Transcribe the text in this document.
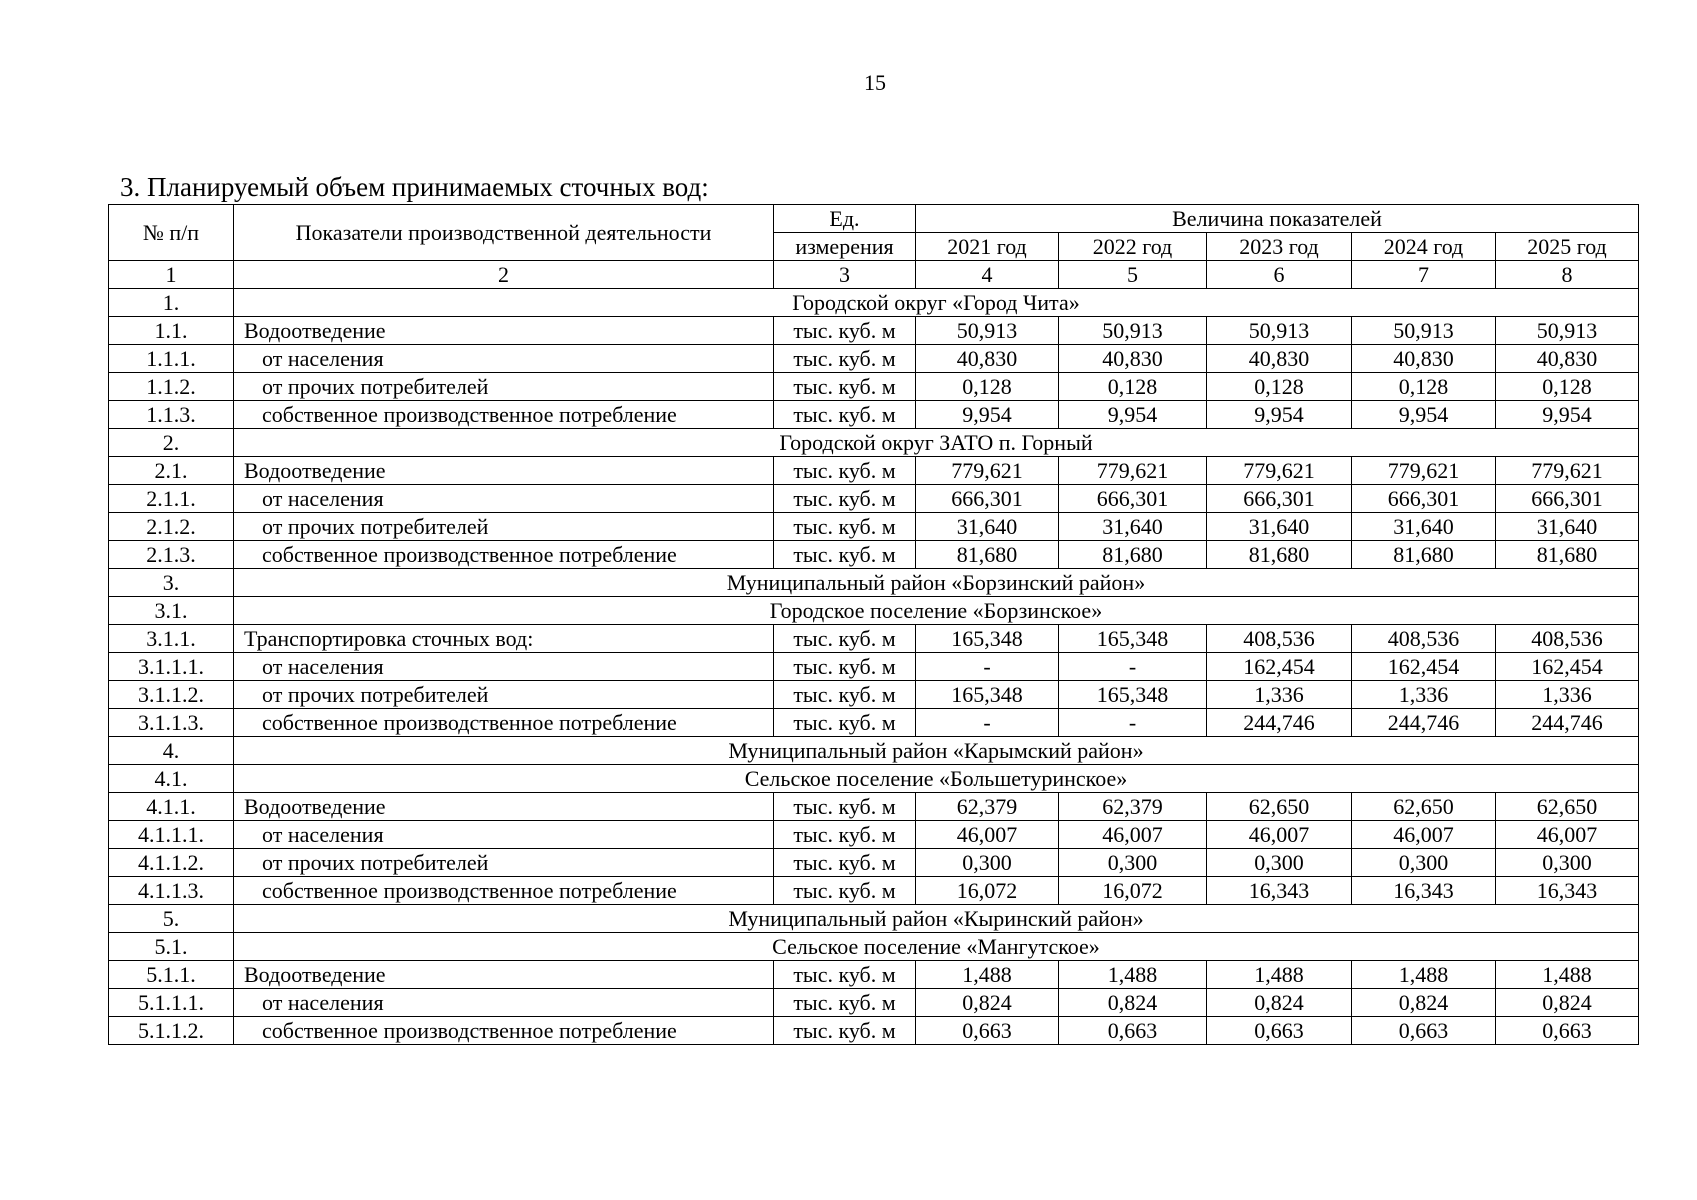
15
3. Планируемый объем принимаемых сточных вод:
№ п/п	Показатели производственной деятельности	Ед.	Величина показателей				
		измерения	2021 год	2022 год	2023 год	2024 год	2025 год
1	2	3	4	5	6	7	8
1.	Городской округ «Город Чита»						
1.1.	Водоотведение	тыс. куб. м	50,913	50,913	50,913	50,913	50,913
1.1.1.	от населения	тыс. куб. м	40,830	40,830	40,830	40,830	40,830
1.1.2.	от прочих потребителей	тыс. куб. м	0,128	0,128	0,128	0,128	0,128
1.1.3.	собственное производственное потребление	тыс. куб. м	9,954	9,954	9,954	9,954	9,954
2.	Городской округ ЗАТО п. Горный						
2.1.	Водоотведение	тыс. куб. м	779,621	779,621	779,621	779,621	779,621
2.1.1.	от населения	тыс. куб. м	666,301	666,301	666,301	666,301	666,301
2.1.2.	от прочих потребителей	тыс. куб. м	31,640	31,640	31,640	31,640	31,640
2.1.3.	собственное производственное потребление	тыс. куб. м	81,680	81,680	81,680	81,680	81,680
3.	Муниципальный район «Борзинский район»						
3.1.	Городское поселение «Борзинское»						
3.1.1.	Транспортировка сточных вод:	тыс. куб. м	165,348	165,348	408,536	408,536	408,536
3.1.1.1.	от населения	тыс. куб. м	-	-	162,454	162,454	162,454
3.1.1.2.	от прочих потребителей	тыс. куб. м	165,348	165,348	1,336	1,336	1,336
3.1.1.3.	собственное производственное потребление	тыс. куб. м	-	-	244,746	244,746	244,746
4.	Муниципальный район «Карымский район»						
4.1.	Сельское поселение «Большетуринское»						
4.1.1.	Водоотведение	тыс. куб. м	62,379	62,379	62,650	62,650	62,650
4.1.1.1.	от населения	тыс. куб. м	46,007	46,007	46,007	46,007	46,007
4.1.1.2.	от прочих потребителей	тыс. куб. м	0,300	0,300	0,300	0,300	0,300
4.1.1.3.	собственное производственное потребление	тыс. куб. м	16,072	16,072	16,343	16,343	16,343
5.	Муниципальный район «Кыринский район»						
5.1.	Сельское поселение «Мангутское»						
5.1.1.	Водоотведение	тыс. куб. м	1,488	1,488	1,488	1,488	1,488
5.1.1.1.	от населения	тыс. куб. м	0,824	0,824	0,824	0,824	0,824
5.1.1.2.	собственное производственное потребление	тыс. куб. м	0,663	0,663	0,663	0,663	0,663
